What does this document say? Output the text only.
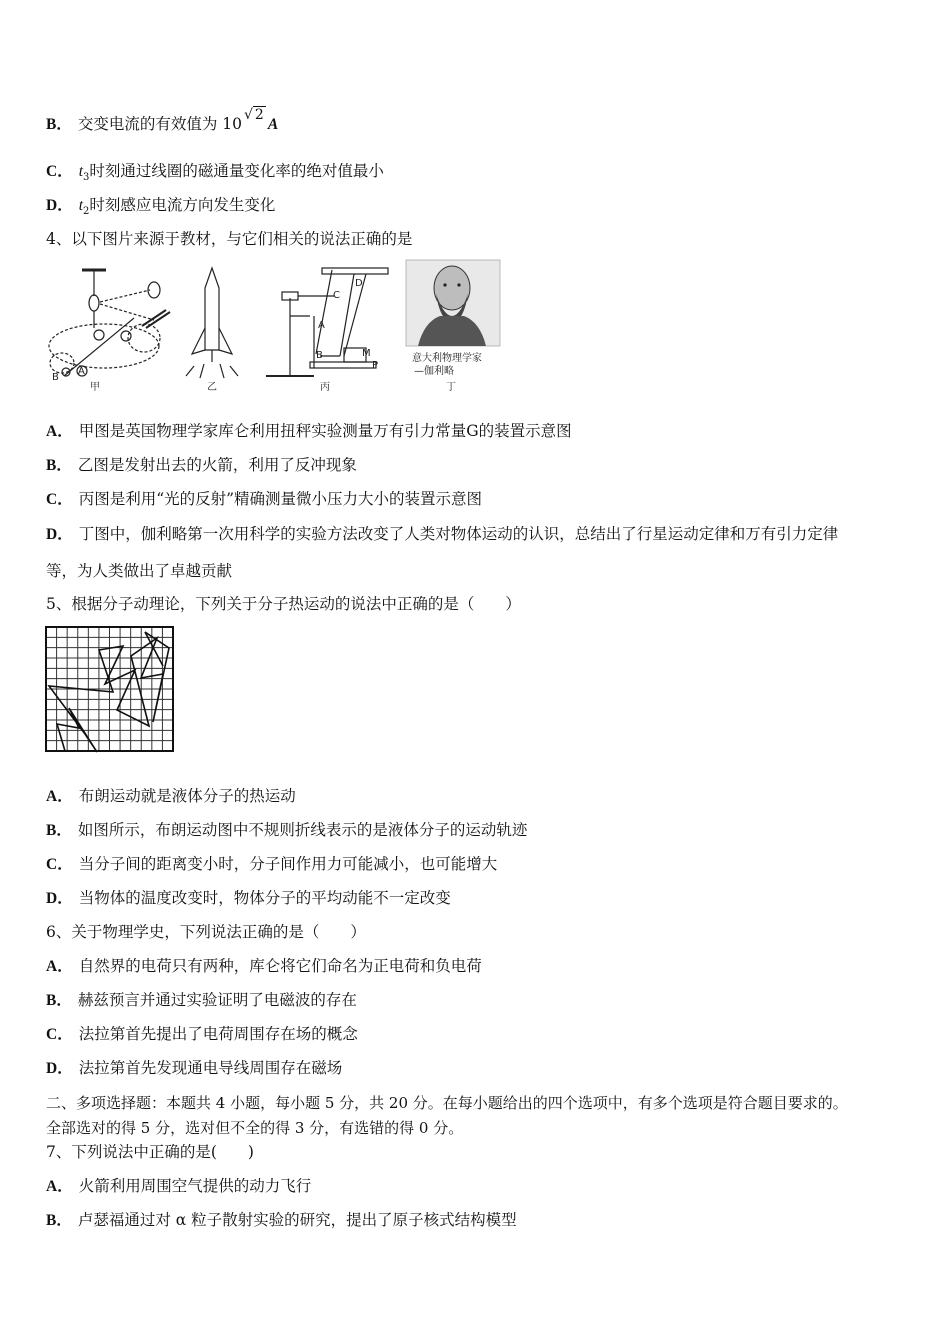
B． 交变电流的有效值为 10 √ 2A
C． $t_3$时刻通过线圈的磁通量变化率的绝对值最小
D． $t_2$时刻感应电流方向发生变化
4、以下图片来源于教材，与它们相关的说法正确的是
A
B
甲	乙
A
B
C
D
M
P
丙
意大利物理学家
—伽利略
丁
A． 甲图是英国物理学家库仑利用扭秤实验测量万有引力常量G的装置示意图
B． 乙图是发射出去的火箭，利用了反冲现象
C． 丙图是利用“光的反射”精确测量微小压力大小的装置示意图
D． 丁图中，伽利略第一次用科学的实验方法改变了人类对物体运动的认识，总结出了行星运动定律和万有引力定律
等，为人类做出了卓越贡献
5、根据分子动理论，下列关于分子热运动的说法中正确的是（　　）
A． 布朗运动就是液体分子的热运动
B． 如图所示，布朗运动图中不规则折线表示的是液体分子的运动轨迹
C． 当分子间的距离变小时，分子间作用力可能减小，也可能增大
D． 当物体的温度改变时，物体分子的平均动能不一定改变
6、关于物理学史，下列说法正确的是（　　）
A． 自然界的电荷只有两种，库仑将它们命名为正电荷和负电荷
B． 赫兹预言并通过实验证明了电磁波的存在
C． 法拉第首先提出了电荷周围存在场的概念
D． 法拉第首先发现通电导线周围存在磁场
二、多项选择题：本题共 4 小题，每小题 5 分，共 20 分。在每小题给出的四个选项中，有多个选项是符合题目要求的。
全部选对的得 5 分，选对但不全的得 3 分，有选错的得 0 分。
7、下列说法中正确的是(　　)
A． 火箭利用周围空气提供的动力飞行
B． 卢瑟福通过对 α 粒子散射实验的研究，提出了原子核式结构模型
